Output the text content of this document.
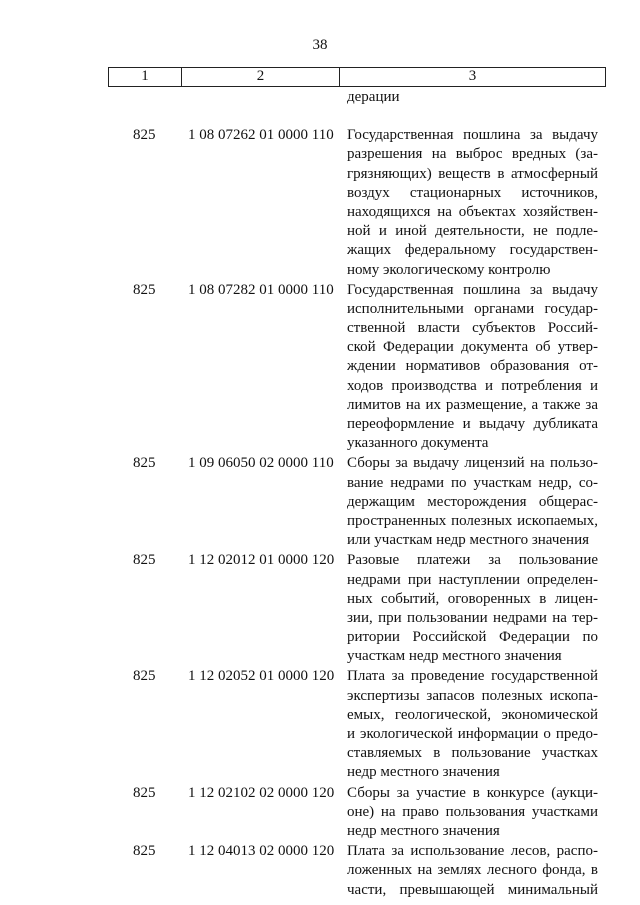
38
1	2	3
дерации
825 1 08 07262 01 0000 110 Государственная пошлина за выдачу
разрешения на выброс вредных (за-
грязняющих) веществ в атмосферный
воздух стационарных источников,
находящихся на объектах хозяйствен-
ной и иной деятельности, не подле-
жащих федеральному государствен-
ному экологическому контролю
825 1 08 07282 01 0000 110 Государственная пошлина за выдачу
исполнительными органами государ-
ственной власти субъектов Россий-
ской Федерации документа об утвер-
ждении нормативов образования от-
ходов производства и потребления и
лимитов на их размещение, а также за
переоформление и выдачу дубликата
указанного документа
825 1 09 06050 02 0000 110 Сборы за выдачу лицензий на пользо-
вание недрами по участкам недр, со-
держащим месторождения общерас-
пространенных полезных ископаемых,
или участкам недр местного значения
825 1 12 02012 01 0000 120 Разовые платежи за пользование
недрами при наступлении определен-
ных событий, оговоренных в лицен-
зии, при пользовании недрами на тер-
ритории Российской Федерации по
участкам недр местного значения
825 1 12 02052 01 0000 120 Плата за проведение государственной
экспертизы запасов полезных ископа-
емых, геологической, экономической
и экологической информации о предо-
ставляемых в пользование участках
недр местного значения
825 1 12 02102 02 0000 120 Сборы за участие в конкурсе (аукци-
оне) на право пользования участками
недр местного значения
825 1 12 04013 02 0000 120 Плата за использование лесов, распо-
ложенных на землях лесного фонда, в
части, превышающей минимальный
